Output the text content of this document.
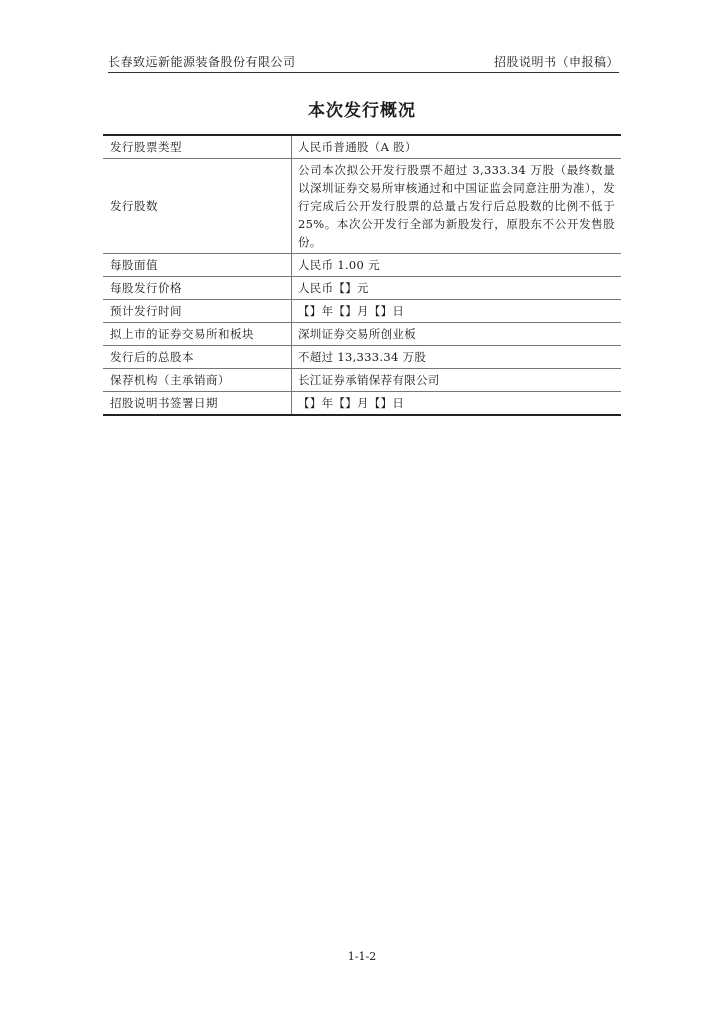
长春致远新能源装备股份有限公司	招股说明书（申报稿）
本次发行概况
发行股票类型	人民币普通股（A 股）
发行股数	公司本次拟公开发行股票不超过 3,333.34 万股（最终数量以深圳证券交易所审核通过和中国证监会同意注册为准），发行完成后公开发行股票的总量占发行后总股数的比例不低于 25%。本次公开发行全部为新股发行，原股东不公开发售股份。
每股面值	人民币 1.00 元
每股发行价格	人民币【】元
预计发行时间	【】年【】月【】日
拟上市的证券交易所和板块	深圳证券交易所创业板
发行后的总股本	不超过 13,333.34 万股
保荐机构（主承销商）	长江证券承销保荐有限公司
招股说明书签署日期	【】年【】月【】日
1-1-2
